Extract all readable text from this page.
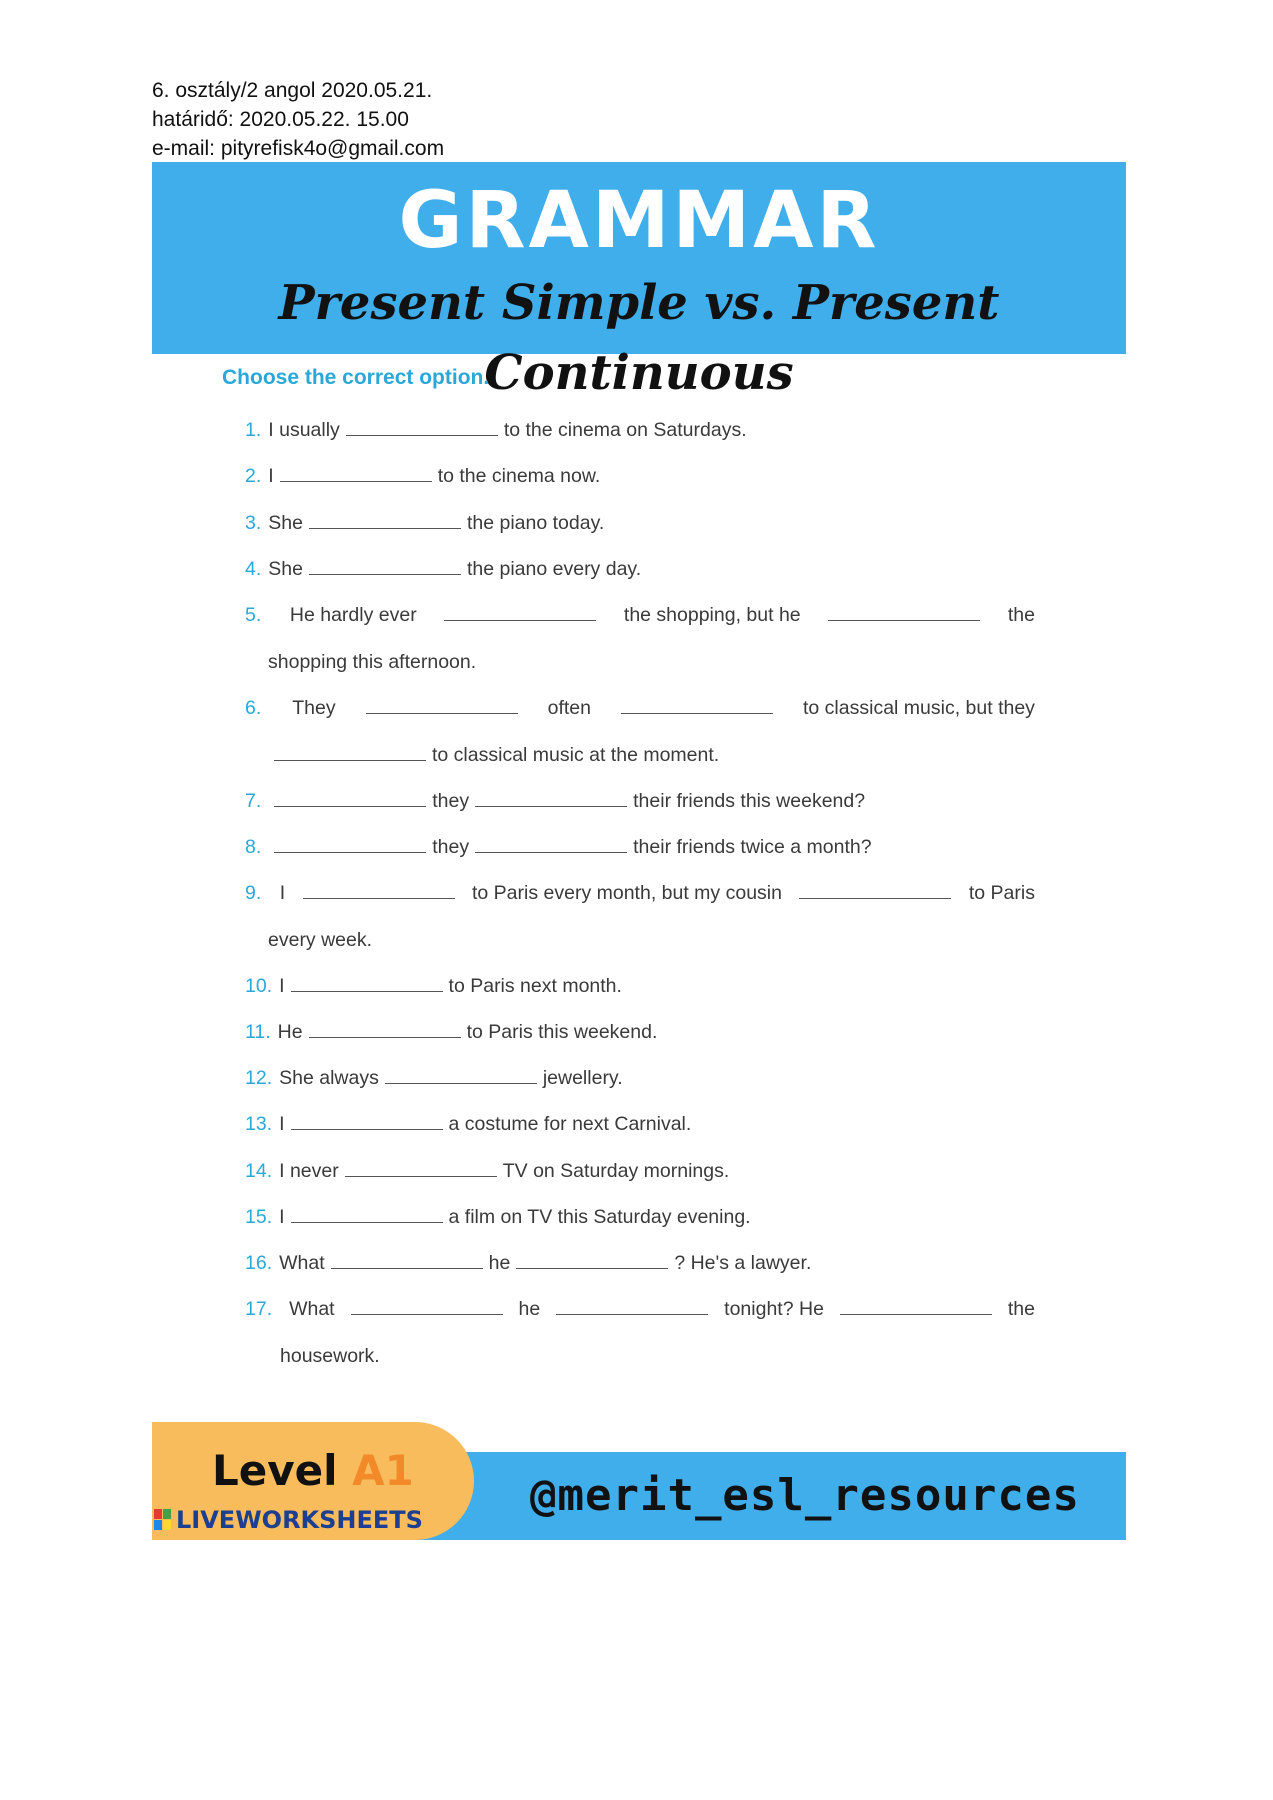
6. osztály/2 angol 2020.05.21.
határidő: 2020.05.22. 15.00
e-mail: pityrefisk4o@gmail.com
GRAMMAR
Present Simple vs. Present Continuous
Choose the correct option.
1. I usually	to the cinema on Saturdays.
2. I	to the cinema now.
3. She	the piano today.
4. She	the piano every day.
5. He hardly ever	the shopping, but he	the
shopping this afternoon.
6. They	often	to classical music, but they
to classical music at the moment.
7.	they	their friends this weekend?
8.	they	their friends twice a month?
9. I	to Paris every month, but my cousin	to Paris
every week.
10. I	to Paris next month.
11. He	to Paris this weekend.
12. She always	jewellery.
13. I	a costume for next Carnival.
14. I never	TV on Saturday mornings.
15. I	a film on TV this Saturday evening.
16. What	he	? He's a lawyer.
17. What	he	tonight? He	the
housework.
@merit_esl_resources
Level A1
LIVEWORKSHEETS
